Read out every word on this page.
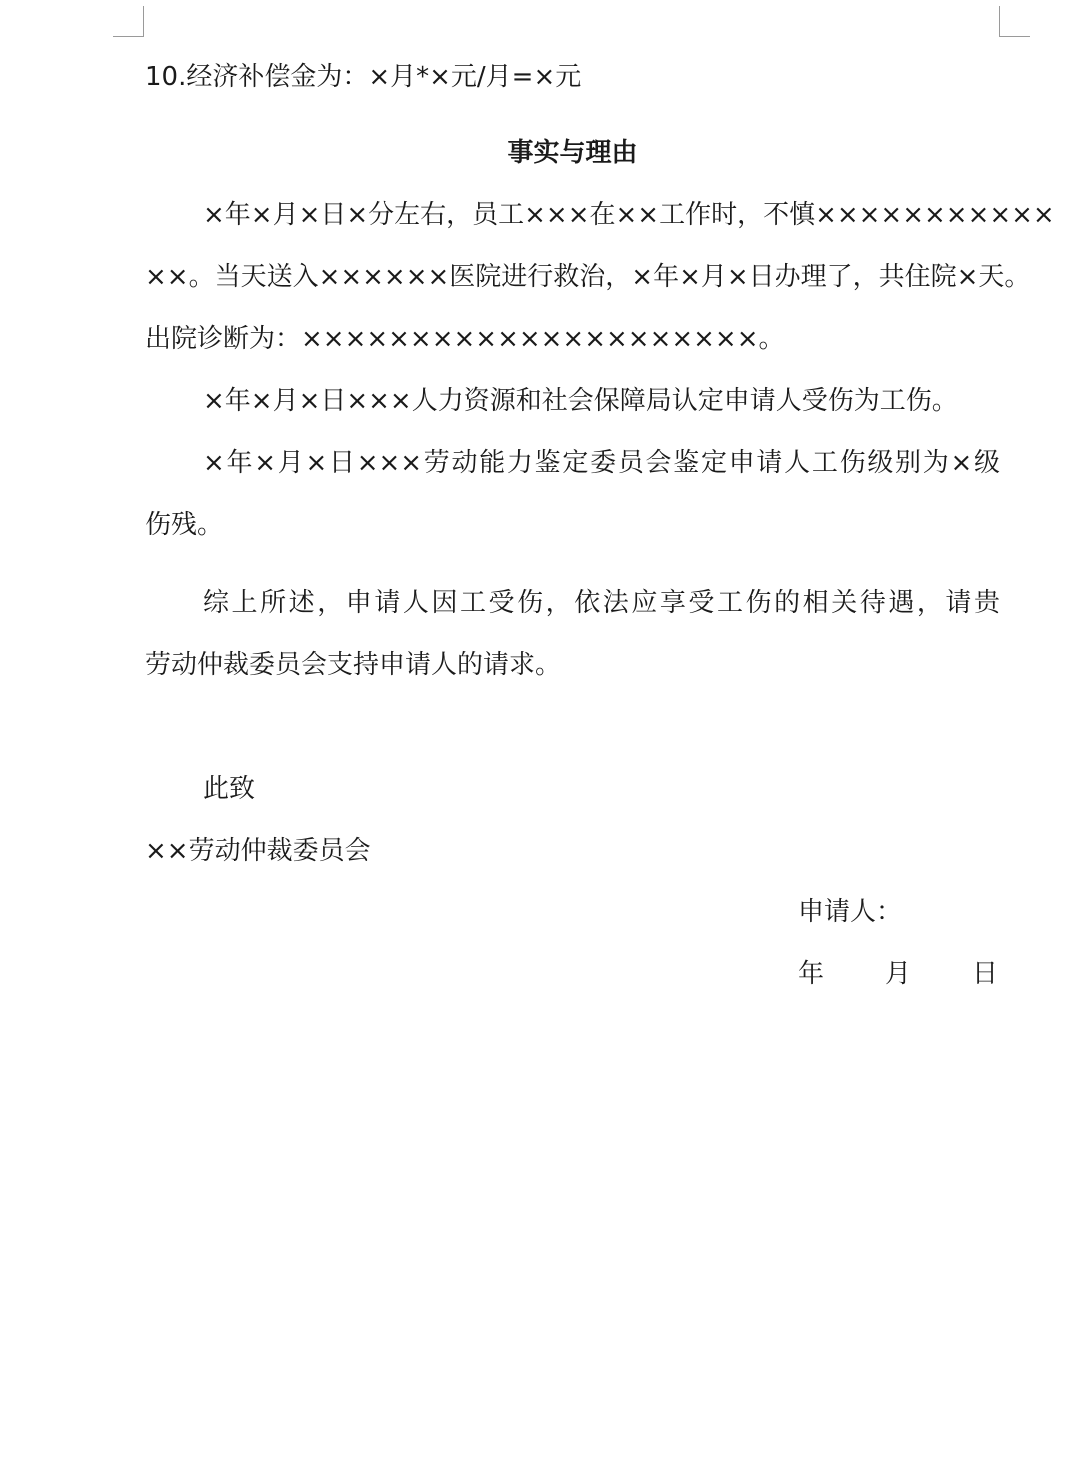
10.经济补偿金为：×月*×元/月=×元
事实与理由
×年×月×日×分左右，员工×××在××工作时，不慎×××××××××××
××。当天送入××××××医院进行救治，×年×月×日办理了，共住院×天。
出院诊断为：×××××××××××××××××××××。
×年×月×日×××人力资源和社会保障局认定申请人受伤为工伤。
×年×月×日×××劳动能力鉴定委员会鉴定申请人工伤级别为×级
伤残。
综上所述，申请人因工受伤，依法应享受工伤的相关待遇，请贵
劳动仲裁委员会支持申请人的请求。
此致
××劳动仲裁委员会
申请人：
年 月 日
